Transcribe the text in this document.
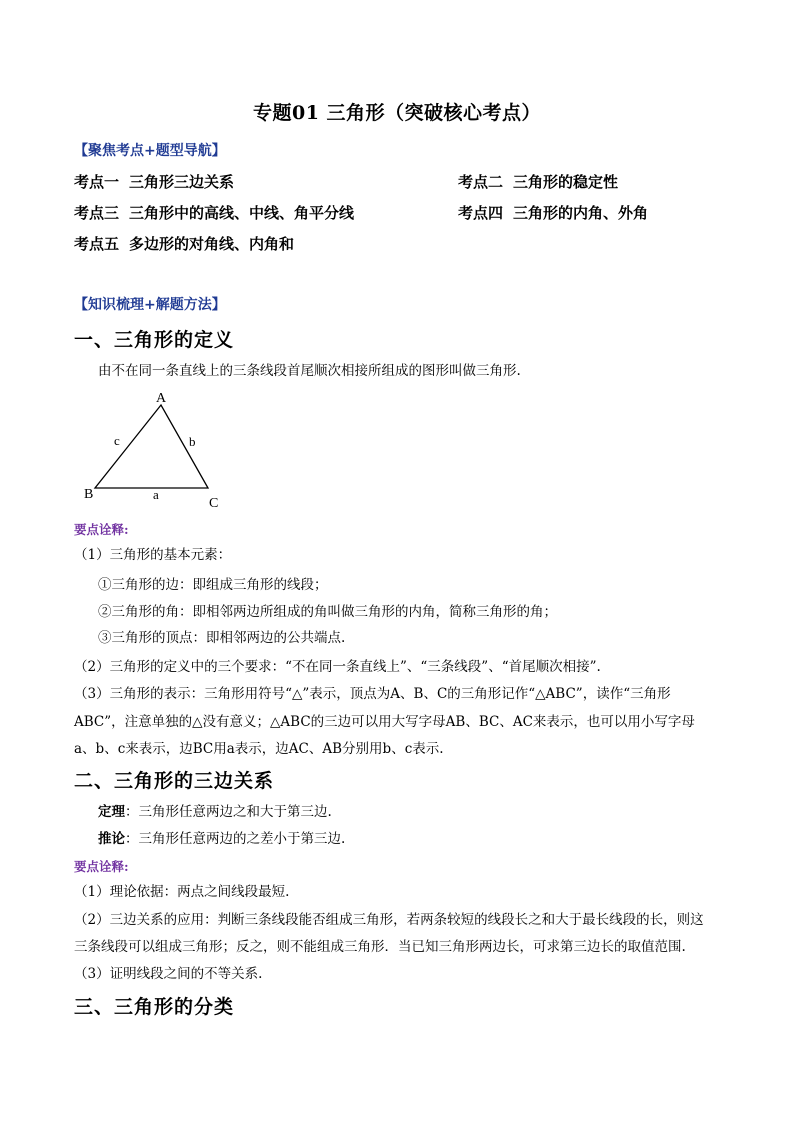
专题01 三角形（突破核心考点）
【聚焦考点+题型导航】
考点一 三角形三边关系	考点二 三角形的稳定性
考点三 三角形中的高线、中线、角平分线	考点四 三角形的内角、外角
考点五 多边形的对角线、内角和
【知识梳理+解题方法】
一、三角形的定义
由不在同一条直线上的三条线段首尾顺次相接所组成的图形叫做三角形.
A
B
C
a
b
c
要点诠释:
（1）三角形的基本元素：
①三角形的边：即组成三角形的线段；
②三角形的角：即相邻两边所组成的角叫做三角形的内角，简称三角形的角；
③三角形的顶点：即相邻两边的公共端点.
（2）三角形的定义中的三个要求：“不在同一条直线上”、“三条线段”、“首尾顺次相接”.
（3）三角形的表示：三角形用符号“△”表示，顶点为A、B、C的三角形记作“△ABC”，读作“三角形
ABC”，注意单独的△没有意义；△ABC的三边可以用大写字母AB、BC、AC来表示，也可以用小写字母
a、b、c来表示，边BC用a表示，边AC、AB分别用b、c表示.
二、三角形的三边关系
定理：三角形任意两边之和大于第三边.
推论：三角形任意两边的之差小于第三边.
要点诠释:
（1）理论依据：两点之间线段最短.
（2）三边关系的应用：判断三条线段能否组成三角形，若两条较短的线段长之和大于最长线段的长，则这
三条线段可以组成三角形；反之，则不能组成三角形．当已知三角形两边长，可求第三边长的取值范围.
（3）证明线段之间的不等关系.
三、三角形的分类
